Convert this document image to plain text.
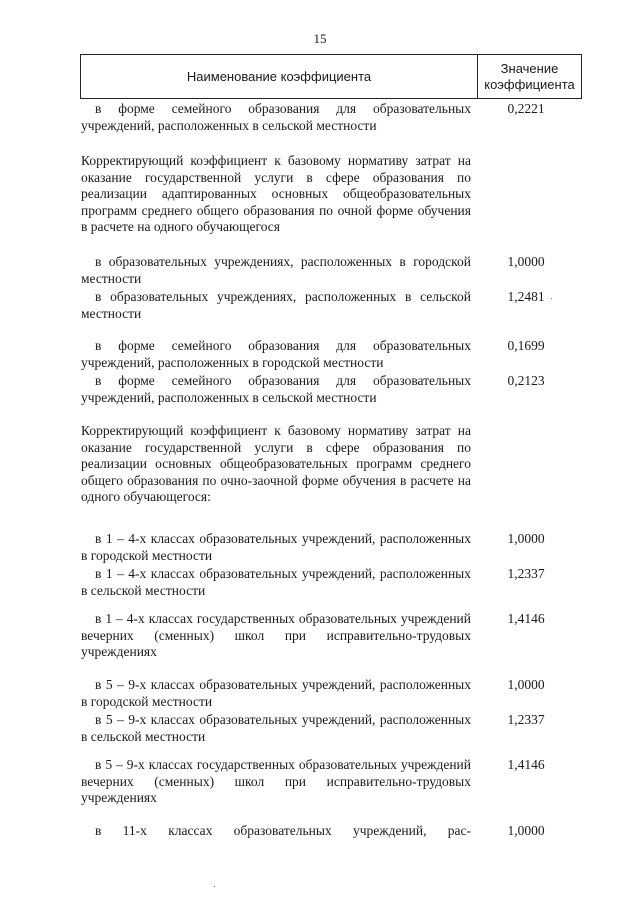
15
Наименование коэффициента
Значение
коэффициента
в форме семейного образования для образовательных учреждений, расположенных в сельской местности
0,2221
Корректирующий коэффициент к базовому нормативу затрат на оказание государственной услуги в сфере образования по реализации адаптированных основных общеобразовательных программ среднего общего образования по очной форме обучения в расчете на одного обучающегося
в образовательных учреждениях, расположенных в городской местности
1,0000
в образовательных учреждениях, расположенных в сельской местности
1,2481
в форме семейного образования для образовательных учреждений, расположенных в городской местности
0,1699
в форме семейного образования для образовательных учреждений, расположенных в сельской местности
0,2123
Корректирующий коэффициент к базовому нормативу затрат на оказание государственной услуги в сфере образования по реализации основных общеобразовательных программ среднего общего образования по очно-заочной форме обучения в расчете на одного обучающегося:
в 1 – 4-х классах образовательных учреждений, расположенных в городской местности
1,0000
в 1 – 4-х классах образовательных учреждений, расположенных в сельской местности
1,2337
в 1 – 4-х классах государственных образовательных учреждений вечерних (сменных) школ при исправительно-трудовых учреждениях
1,4146
в 5 – 9-х классах образовательных учреждений, расположенных в городской местности
1,0000
в 5 – 9-х классах образовательных учреждений, расположенных в сельской местности
1,2337
в 5 – 9-х классах государственных образовательных учреждений вечерних (сменных) школ при исправительно-трудовых учреждениях
1,4146
в 11-х классах образовательных учреждений, рас-	1,0000
